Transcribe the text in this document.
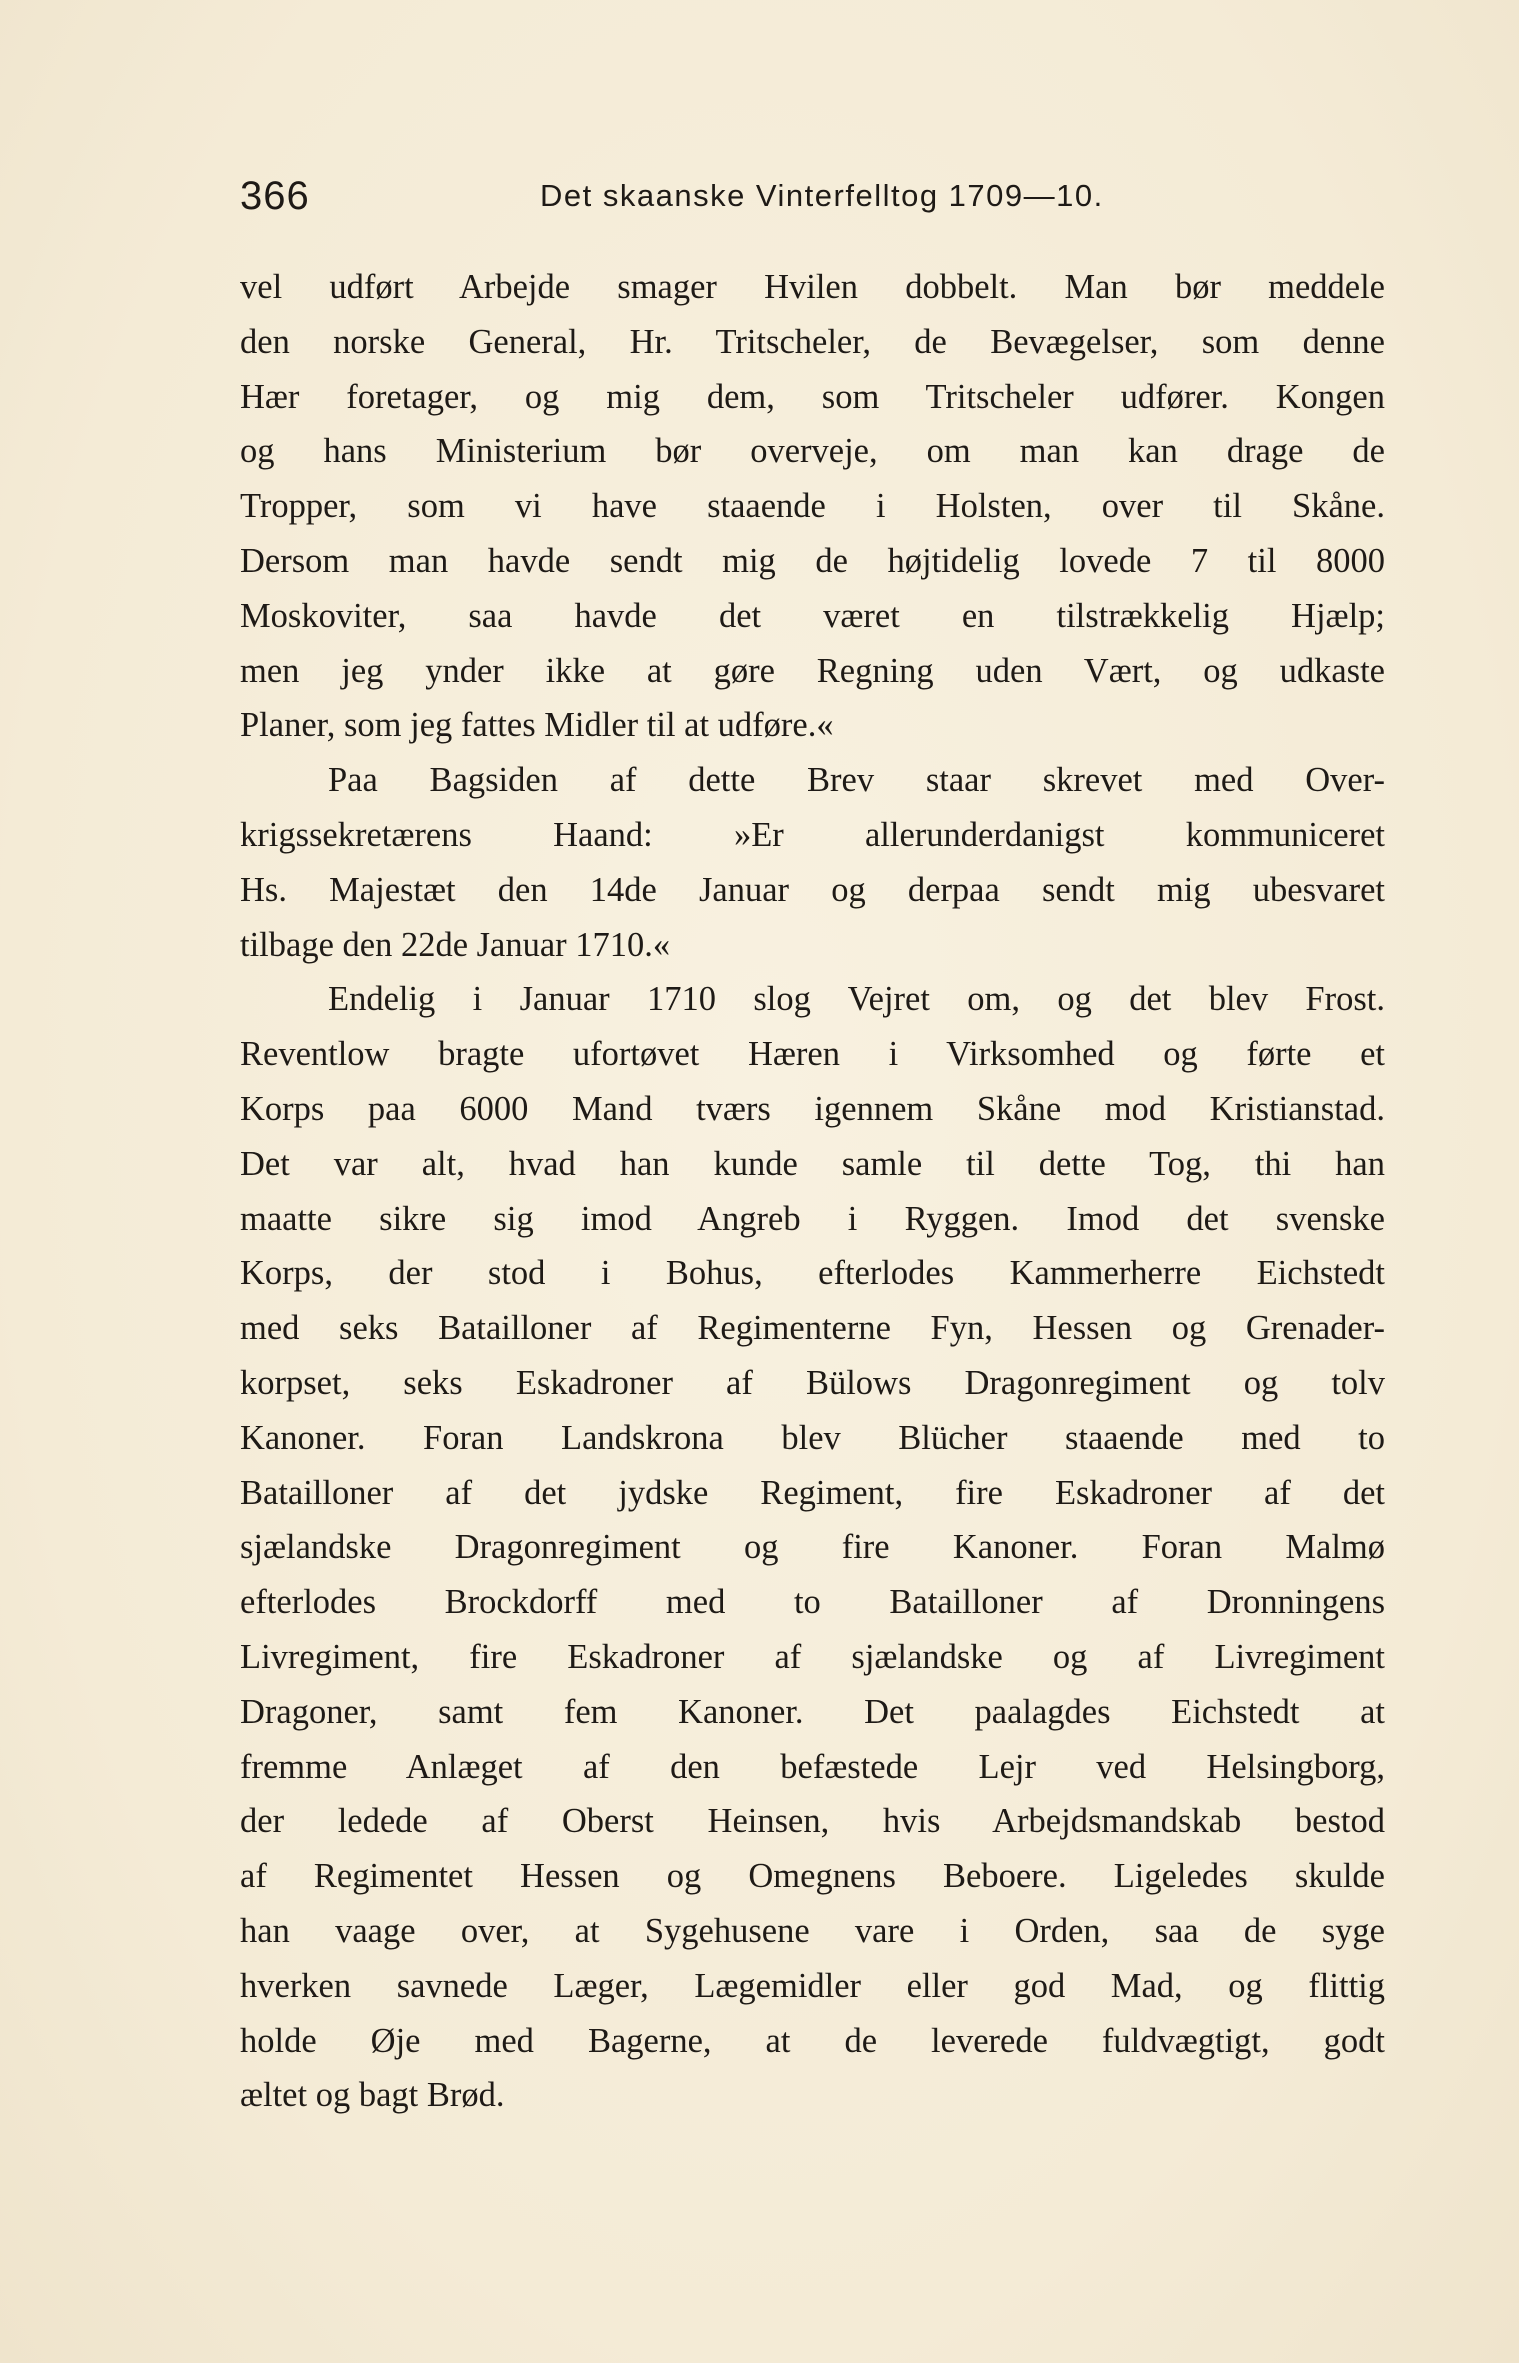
366	Det skaanske Vinterfelltog 1709—10.
vel udført Arbejde smager Hvilen dobbelt. Man bør meddele
den norske General, Hr. Tritscheler, de Bevægelser, som denne
Hær foretager, og mig dem, som Tritscheler udfører. Kongen
og hans Ministerium bør overveje, om man kan drage de
Tropper, som vi have staaende i Holsten, over til Skåne.
Dersom man havde sendt mig de højtidelig lovede 7 til 8000
Moskoviter, saa havde det været en tilstrækkelig Hjælp;
men jeg ynder ikke at gøre Regning uden Vært, og udkaste
Planer, som jeg fattes Midler til at udføre.«
Paa Bagsiden af dette Brev staar skrevet med Over-
krigssekretærens Haand: »Er allerunderdanigst kommuniceret
Hs. Majestæt den 14de Januar og derpaa sendt mig ubesvaret
tilbage den 22de Januar 1710.«
Endelig i Januar 1710 slog Vejret om, og det blev Frost.
Reventlow bragte ufortøvet Hæren i Virksomhed og førte et
Korps paa 6000 Mand tværs igennem Skåne mod Kristianstad.
Det var alt, hvad han kunde samle til dette Tog, thi han
maatte sikre sig imod Angreb i Ryggen. Imod det svenske
Korps, der stod i Bohus, efterlodes Kammerherre Eichstedt
med seks Bataillonеr af Regimenterne Fyn, Hessen og Grenader-
korpset, seks Eskadroner af Bülows Dragonregiment og tolv
Kanoner. Foran Landskrona blev Blücher staaende med to
Batailloner af det jydske Regiment, fire Eskadroner af det
sjælandske Dragonregiment og fire Kanoner. Foran Malmø
efterlodes Brockdorff med to Batailloner af Dronningens
Livregiment, fire Eskadroner af sjælandske og af Livregiment
Dragoner, samt fem Kanoner. Det paalagdes Eichstedt at
fremme Anlæget af den befæstede Lejr ved Helsingborg,
der ledede af Oberst Heinsen, hvis Arbejdsmandskab bestod
af Regimentet Hessen og Omegnens Beboere. Ligeledes skulde
han vaage over, at Sygehusene vare i Orden, saa de syge
hverken savnede Læger, Lægemidler eller god Mad, og flittig
holde Øje med Bagerne, at de leverede fuldvægtigt, godt
æltet og bagt Brød.
